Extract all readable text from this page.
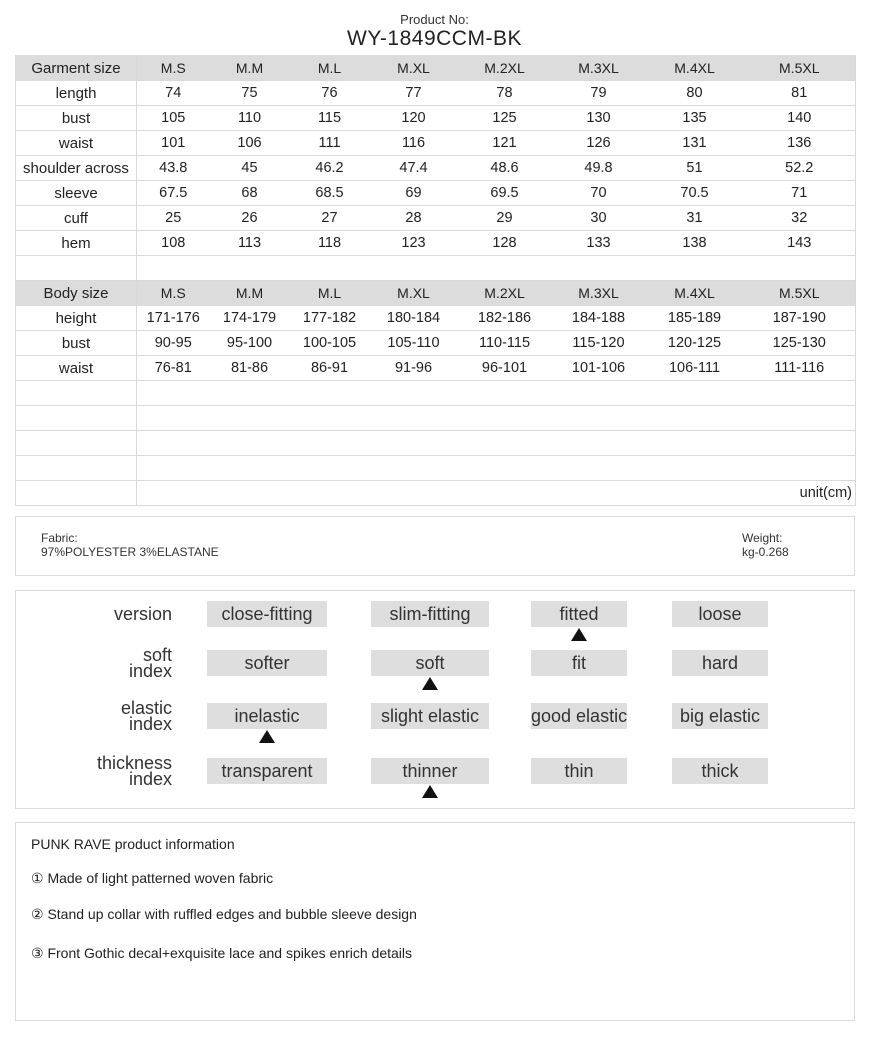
Product No:
WY-1849CCM-BK
Garment size	M.S	M.M	M.L	M.XL	M.2XL	M.3XL	M.4XL	M.5XL
length	74	75	76	77	78	79	80	81
bust	105	110	115	120	125	130	135	140
waist	101	106	111	116	121	126	131	136
shoulder across	43.8	45	46.2	47.4	48.6	49.8	51	52.2
sleeve	67.5	68	68.5	69	69.5	70	70.5	71
cuff	25	26	27	28	29	30	31	32
hem	108	113	118	123	128	133	138	143

Body size	M.S	M.M	M.L	M.XL	M.2XL	M.3XL	M.4XL	M.5XL
height	171-176	174-179	177-182	180-184	182-186	184-188	185-189	187-190
bust	90-95	95-100	100-105	105-110	110-115	115-120	120-125	125-130
waist	76-81	81-86	86-91	91-96	96-101	101-106	106-111	111-116

	unit(cm)							
Fabric:
97%POLYESTER 3%ELASTANE
Weight:
kg-0.268
version	close-fitting	slim-fitting	fitted	loose
soft
index	softer	soft	fit	hard
elastic
index	inelastic	slight elastic	good elastic	big elastic
thickness
index	transparent	thinner	thin	thick
PUNK RAVE product information
① Made of light patterned woven fabric
② Stand up collar with ruffled edges and bubble sleeve design
③ Front Gothic decal+exquisite lace and spikes enrich details
